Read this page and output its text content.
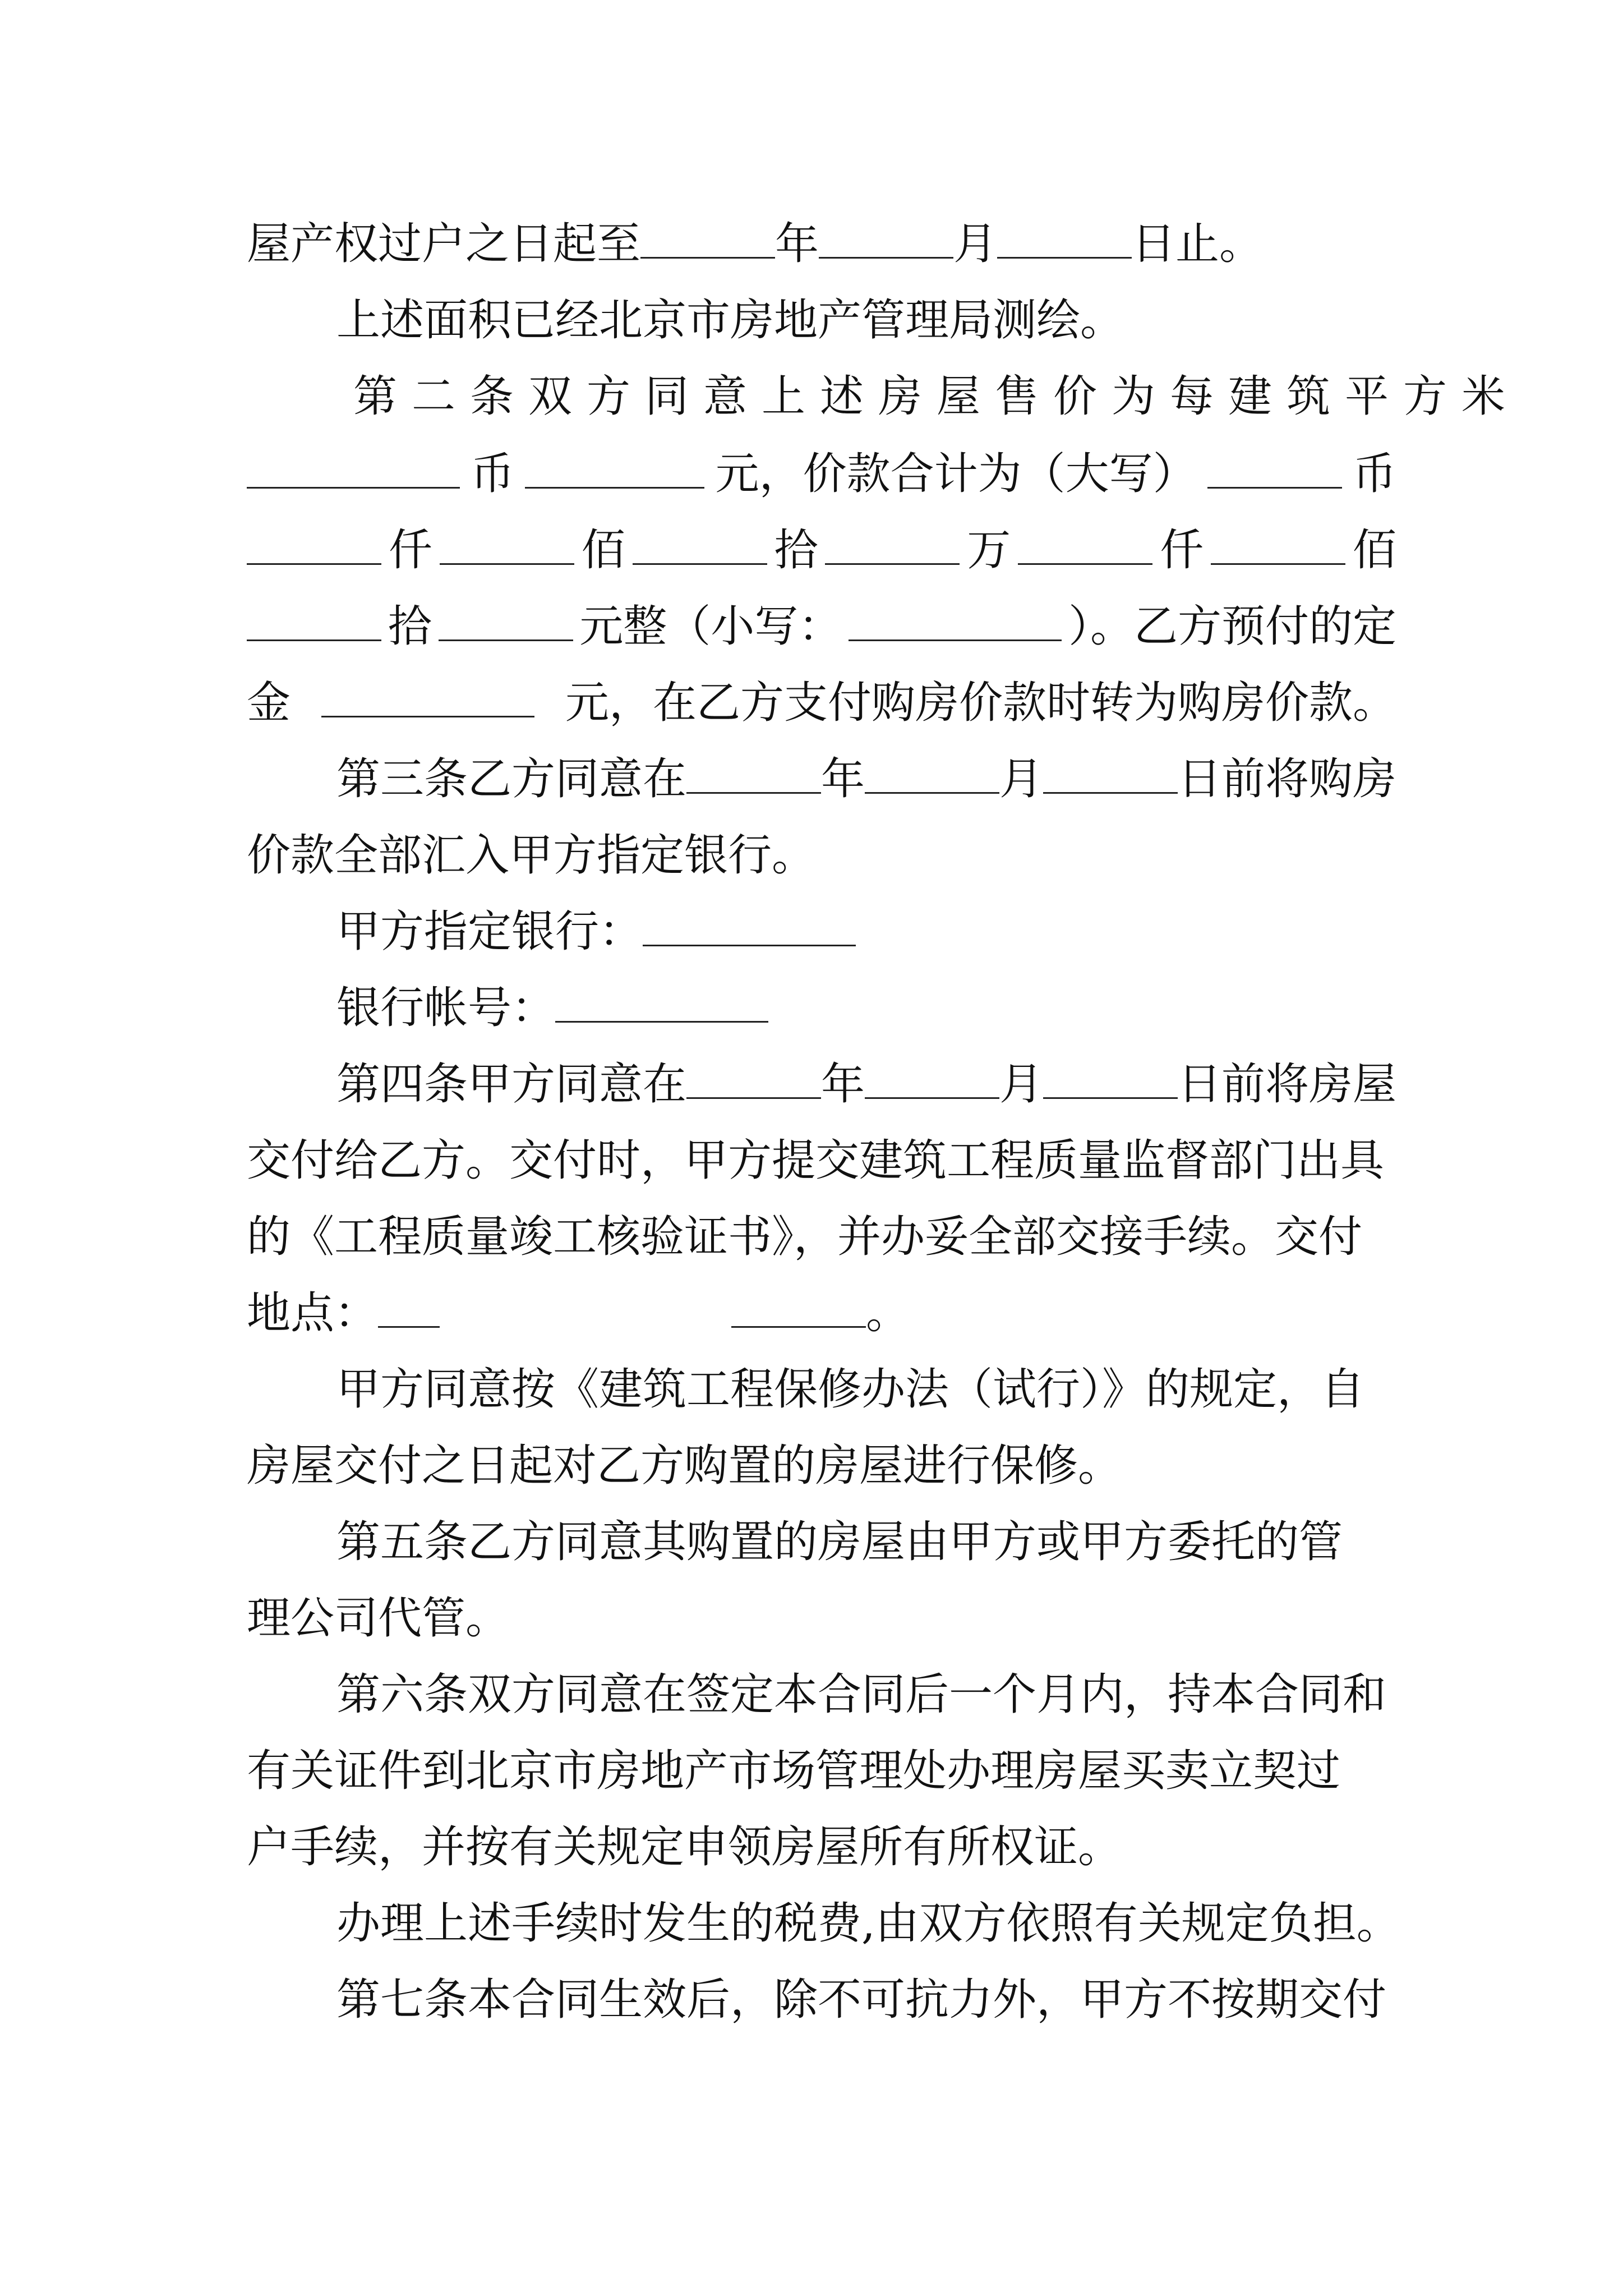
屋产权过户之日起至	年	月	日止。
上述面积已经北京市房地产管理局测绘。
第二条双方同意上述房屋售价为每建筑平方米
币	元，价款合计为（大写）	币
仟	佰	拾	万	仟	佰
拾	元整（小写：	）。乙方预付的定
金	元，在乙方支付购房价款时转为购房价款。
第三条乙方同意在	年	月	日前将购房
价款全部汇入甲方指定银行。
甲方指定银行：
银行帐号：
第四条甲方同意在	年	月	日前将房屋
交付给乙方。交付时，甲方提交建筑工程质量监督部门出具
的《工程质量竣工核验证书》，并办妥全部交接手续。交付
地点：	。
甲方同意按《建筑工程保修办法（试行）》的规定，自
房屋交付之日起对乙方购置的房屋进行保修。
第五条乙方同意其购置的房屋由甲方或甲方委托的管
理公司代管。
第六条双方同意在签定本合同后一个月内，持本合同和
有关证件到北京市房地产市场管理处办理房屋买卖立契过
户手续，并按有关规定申领房屋所有所权证。
办理上述手续时发生的税费,由双方依照有关规定负担。
第七条本合同生效后，除不可抗力外，甲方不按期交付
